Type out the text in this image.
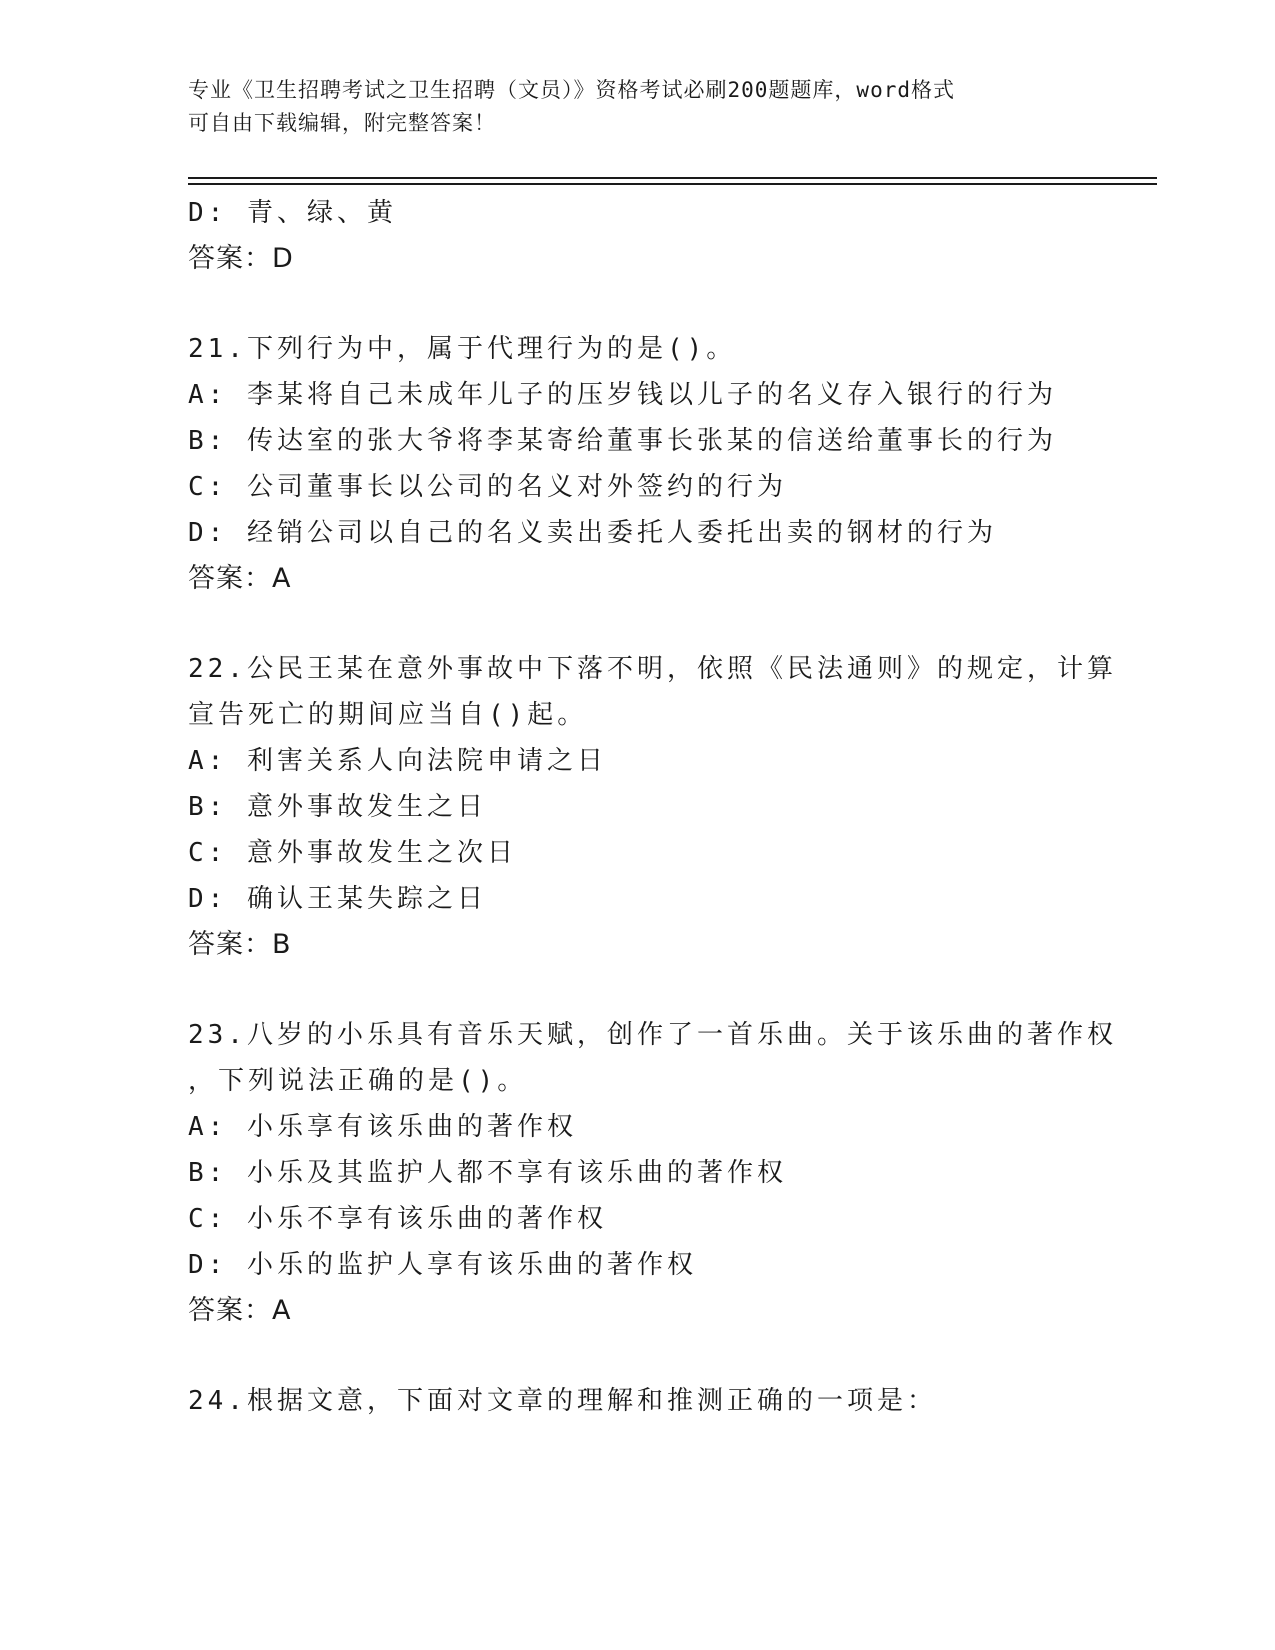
专业《卫生招聘考试之卫生招聘（文员）》资格考试必刷200题题库，word格式
可自由下载编辑，附完整答案！
D: 青、绿、黄
答案：D
21.下列行为中，属于代理行为的是()。
A: 李某将自己未成年儿子的压岁钱以儿子的名义存入银行的行为
B: 传达室的张大爷将李某寄给董事长张某的信送给董事长的行为
C: 公司董事长以公司的名义对外签约的行为
D: 经销公司以自己的名义卖出委托人委托出卖的钢材的行为
答案：A
22.公民王某在意外事故中下落不明，依照《民法通则》的规定，计算
宣告死亡的期间应当自()起。
A: 利害关系人向法院申请之日
B: 意外事故发生之日
C: 意外事故发生之次日
D: 确认王某失踪之日
答案：B
23.八岁的小乐具有音乐天赋，创作了一首乐曲。关于该乐曲的著作权
，下列说法正确的是()。
A: 小乐享有该乐曲的著作权
B: 小乐及其监护人都不享有该乐曲的著作权
C: 小乐不享有该乐曲的著作权
D: 小乐的监护人享有该乐曲的著作权
答案：A
24.根据文意，下面对文章的理解和推测正确的一项是：
